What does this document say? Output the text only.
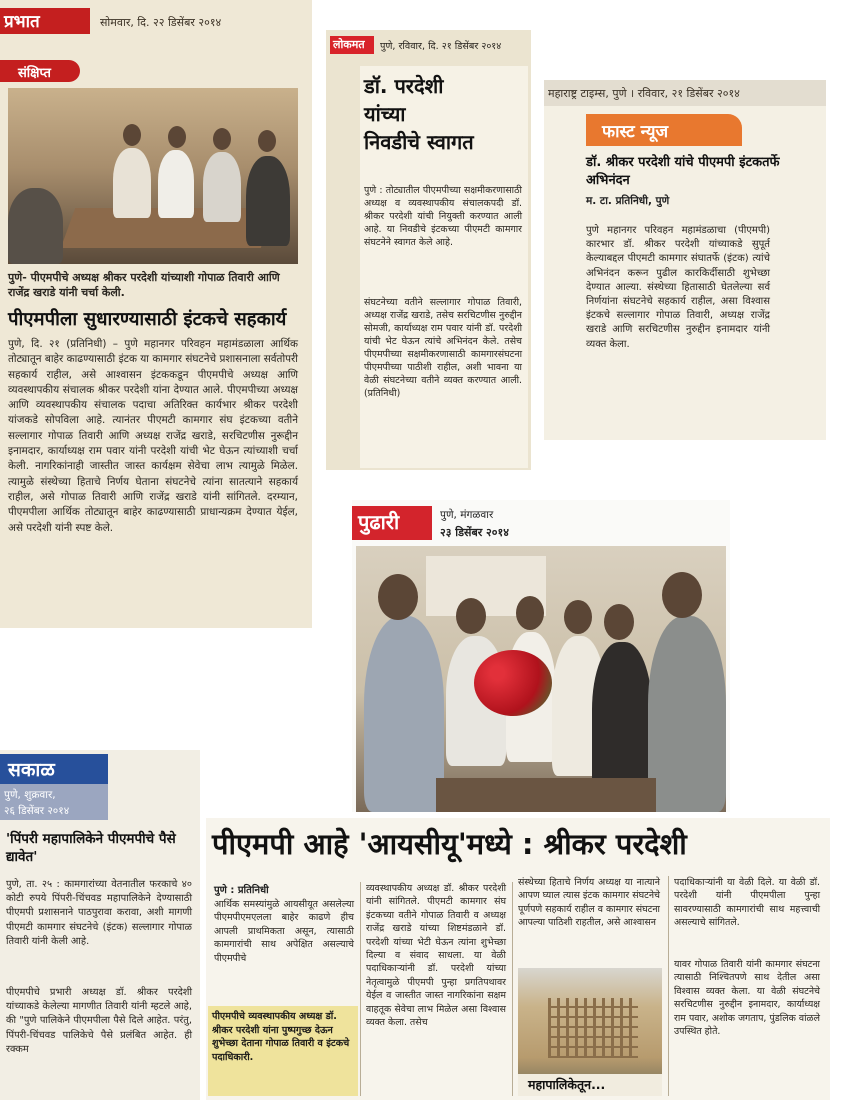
प्रभात	सोमवार, दि. २२ डिसेंबर २०१४
संक्षिप्त
पुणे- पीएमपीचे अध्यक्ष श्रीकर परदेशी यांच्याशी गोपाळ तिवारी आणि राजेंद्र खराडे यांनी चर्चा केली.
पीएमपीला सुधारण्यासाठी इंटकचे सहकार्य
पुणे, दि. २१ (प्रतिनिधी) – पुणे महानगर परिवहन महामंडळाला आर्थिक तोट्यातून बाहेर काढण्यासाठी इंटक या कामगार संघटनेचे प्रशासनाला सर्वतोपरी सहकार्य राहील, असे आश्वासन इंटककडून पीएमपीचे अध्यक्ष आणि व्यवस्थापकीय संचालक श्रीकर परदेशी यांना देण्यात आले. पीएमपीच्या अध्यक्ष आणि व्यवस्थापकीय संचालक पदाचा अतिरिक्त कार्यभार श्रीकर परदेशी यांजकडे सोपविला आहे. त्यानंतर पीएमटी कामगार संघ इंटकच्या वतीने सल्लागार गोपाळ तिवारी आणि अध्यक्ष राजेंद्र खराडे, सरचिटणीस नुरूद्दीन इनामदार, कार्याध्यक्ष राम पवार यांनी परदेशी यांची भेट घेऊन त्यांच्याशी चर्चा केली. नागरिकांनाही जास्तीत जास्त कार्यक्षम सेवेचा लाभ त्यामुळे मिळेल. त्यामुळे संस्थेच्या हिताचे निर्णय घेताना संघटनेचे त्यांना सातत्याने सहकार्य राहील, असे गोपाळ तिवारी आणि राजेंद्र खराडे यांनी सांगितले. दरम्यान, पीएमपीला आर्थिक तोट्यातून बाहेर काढण्यासाठी प्राधान्यक्रम देण्यात येईल, असे परदेशी यांनी स्पष्ट केले.
लोकमत पुणे, रविवार, दि. २१ डिसेंबर २०१४
डॉ. परदेशी
यांच्या
निवडीचे स्वागत
पुणे : तोट्यातील पीएमपीच्या सक्षमीकरणासाठी अध्यक्ष व व्यवस्थापकीय संचालकपदी डॉ. श्रीकर परदेशी यांची नियुक्ती करण्यात आली आहे. या निवडीचे इंटकच्या पीएमटी कामगार संघटनेने स्वागत केले आहे.
संघटनेच्या वतीने सल्लागार गोपाळ तिवारी, अध्यक्ष राजेंद्र खराडे, तसेच सरचिटणीस नुरुद्दीन सोमजी, कार्याध्यक्ष राम पवार यांनी डॉ. परदेशी यांची भेट घेऊन त्यांचे अभिनंदन केले. तसेच पीएमपीच्या सक्षमीकरणासाठी कामगारसंघटना पीएमपीच्या पाठीशी राहील, अशी भावना या वेळी संघटनेच्या वतीने व्यक्त करण्यात आली. (प्रतिनिधी)
महाराष्ट्र टाइम्स, पुणे । रविवार, २१ डिसेंबर २०१४
फास्ट न्यूज
डॉ. श्रीकर परदेशी यांचे पीएमपी इंटकतर्फे अभिनंदन
म. टा. प्रतिनिधी, पुणे
पुणे महानगर परिवहन महामंडळाचा (पीएमपी) कारभार डॉ. श्रीकर परदेशी यांच्याकडे सुपूर्त केल्याबद्दल पीएमटी कामगार संघातर्फे (इंटक) त्यांचे अभिनंदन करून पुढील कारकिर्दीसाठी शुभेच्छा देण्यात आल्या. संस्थेच्या हितासाठी घेतलेल्या सर्व निर्णयांना संघटनेचे सहकार्य राहील, असा विश्वास इंटकचे सल्लागार गोपाळ तिवारी, अध्यक्ष राजेंद्र खराडे आणि सरचिटणीस नुरुद्दीन इनामदार यांनी व्यक्त केला.
पुढारी	पुणे, मंगळवार
२३ डिसेंबर २०१४
सकाळ
पुणे, शुक्रवार,
२६ डिसेंबर २०१४
'पिंपरी महापालिकेने पीएमपीचे पैसे द्यावेत'
पुणे, ता. २५ : कामगारांच्या वेतनातील फरकाचे ४० कोटी रुपये पिंपरी-चिंचवड महापालिकेने देण्यासाठी पीएमपी प्रशासनाने पाठपुरावा करावा, अशी मागणी पीएमटी कामगार संघटनेचे (इंटक) सल्लागार गोपाळ तिवारी यांनी केली आहे.
पीएमपीचे प्रभारी अध्यक्ष डॉ. श्रीकर परदेशी यांच्याकडे केलेल्या मागणीत तिवारी यांनी म्हटले आहे, की "पुणे पालिकेने पीएमपीला पैसे दिले आहेत. परंतु, पिंपरी-चिंचवड पालिकेचे पैसे प्रलंबित आहेत. ही रक्कम
पीएमपी आहे 'आयसीयू'मध्ये : श्रीकर परदेशी
पुणे : प्रतिनिधी
आर्थिक समस्यांमुळे आयसीयूत असलेल्या पीएमपीएमएलला बाहेर काढणे हीच आपली प्राथमिकता असून, त्यासाठी कामगारांची साथ अपेक्षित असल्याचे पीएमपीचे
पीएमपीचे व्यवस्थापकीय अध्यक्ष डॉ. श्रीकर परदेशी यांना पुष्पगुच्छ देऊन शुभेच्छा देताना गोपाळ तिवारी व इंटकचे पदाधिकारी.
व्यवस्थापकीय अध्यक्ष डॉ. श्रीकर परदेशी यांनी सांगितले. पीएमटी कामगार संघ इंटकच्या वतीने गोपाळ तिवारी व अध्यक्ष राजेंद्र खराडे यांच्या शिष्टमंडळाने डॉ. परदेशी यांच्या भेटी घेऊन त्यांना शुभेच्छा दिल्या व संवाद साधला. या वेळी पदाधिकाऱ्यांनी डॉ. परदेशी यांच्या नेतृत्वामुळे पीएमपी पुन्हा प्रगतिपथावर येईल व जास्तीत जास्त नागरिकांना सक्षम वाहतूक सेवेचा लाभ मिळेल असा विश्वास व्यक्त केला. तसेच
संस्थेच्या हिताचे निर्णय अध्यक्ष या नात्याने आपण घ्याल त्यास इंटक कामगार संघटनेचे पूर्णपणे सहकार्य राहील व कामगार संघटना आपल्या पाठिशी राहतील, असे आश्वासन
महापालिकेतून...
पदाधिकाऱ्यांनी या वेळी दिले. या वेळी डॉ. परदेशी यांनी पीएमपीला पुन्हा सावरण्यासाठी कामगारांची साथ महत्त्वाची असल्याचे सांगितले.
यावर गोपाळ तिवारी यांनी कामगार संघटना त्यासाठी निश्चितपणे साथ देतील असा विश्वास व्यक्त केला. या वेळी संघटनेचे सरचिटणीस नुरुद्दीन इनामदार, कार्याध्यक्ष राम पवार, अशोक जगताप, पुंडलिक वांळले उपस्थित होते.
